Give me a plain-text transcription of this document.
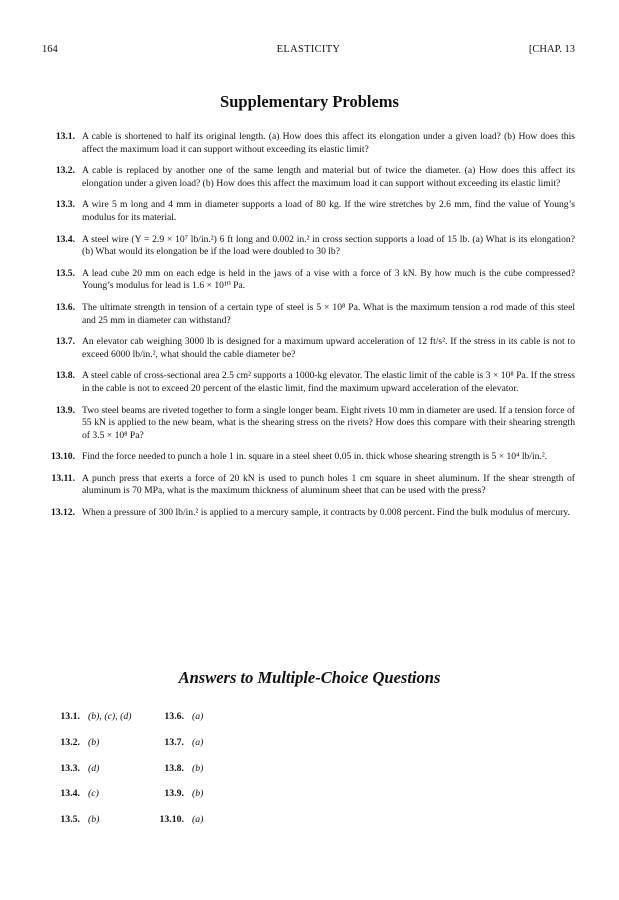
164	ELASTICITY	[CHAP. 13
Supplementary Problems
13.1. A cable is shortened to half its original length. (a) How does this affect its elongation under a given load? (b) How does this affect the maximum load it can support without exceeding its elastic limit?
13.2. A cable is replaced by another one of the same length and material but of twice the diameter. (a) How does this affect its elongation under a given load? (b) How does this affect the maximum load it can support without exceeding its elastic limit?
13.3. A wire 5 m long and 4 mm in diameter supports a load of 80 kg. If the wire stretches by 2.6 mm, find the value of Young’s modulus for its material.
13.4. A steel wire (Y = 2.9 × 10⁷ lb/in.²) 6 ft long and 0.002 in.² in cross section supports a load of 15 lb. (a) What is its elongation? (b) What would its elongation be if the load were doubled to 30 lb?
13.5. A lead cube 20 mm on each edge is held in the jaws of a vise with a force of 3 kN. By how much is the cube compressed? Young’s modulus for lead is 1.6 × 10¹⁰ Pa.
13.6. The ultimate strength in tension of a certain type of steel is 5 × 10⁸ Pa. What is the maximum tension a rod made of this steel and 25 mm in diameter can withstand?
13.7. An elevator cab weighing 3000 lb is designed for a maximum upward acceleration of 12 ft/s². If the stress in its cable is not to exceed 6000 lb/in.², what should the cable diameter be?
13.8. A steel cable of cross-sectional area 2.5 cm² supports a 1000-kg elevator. The elastic limit of the cable is 3 × 10⁸ Pa. If the stress in the cable is not to exceed 20 percent of the elastic limit, find the maximum upward acceleration of the elevator.
13.9. Two steel beams are riveted together to form a single longer beam. Eight rivets 10 mm in diameter are used. If a tension force of 55 kN is applied to the new beam, what is the shearing stress on the rivets? How does this compare with their shearing strength of 3.5 × 10⁸ Pa?
13.10. Find the force needed to punch a hole 1 in. square in a steel sheet 0.05 in. thick whose shearing strength is 5 × 10⁴ lb/in.².
13.11. A punch press that exerts a force of 20 kN is used to punch holes 1 cm square in sheet aluminum. If the shear strength of aluminum is 70 MPa, what is the maximum thickness of aluminum sheet that can be used with the press?
13.12. When a pressure of 300 lb/in.² is applied to a mercury sample, it contracts by 0.008 percent. Find the bulk modulus of mercury.
Answers to Multiple-Choice Questions
13.1. (b), (c), (d)	13.6. (a)
13.2. (b)	13.7. (a)
13.3. (d)	13.8. (b)
13.4. (c)	13.9. (b)
13.5. (b)	13.10. (a)
